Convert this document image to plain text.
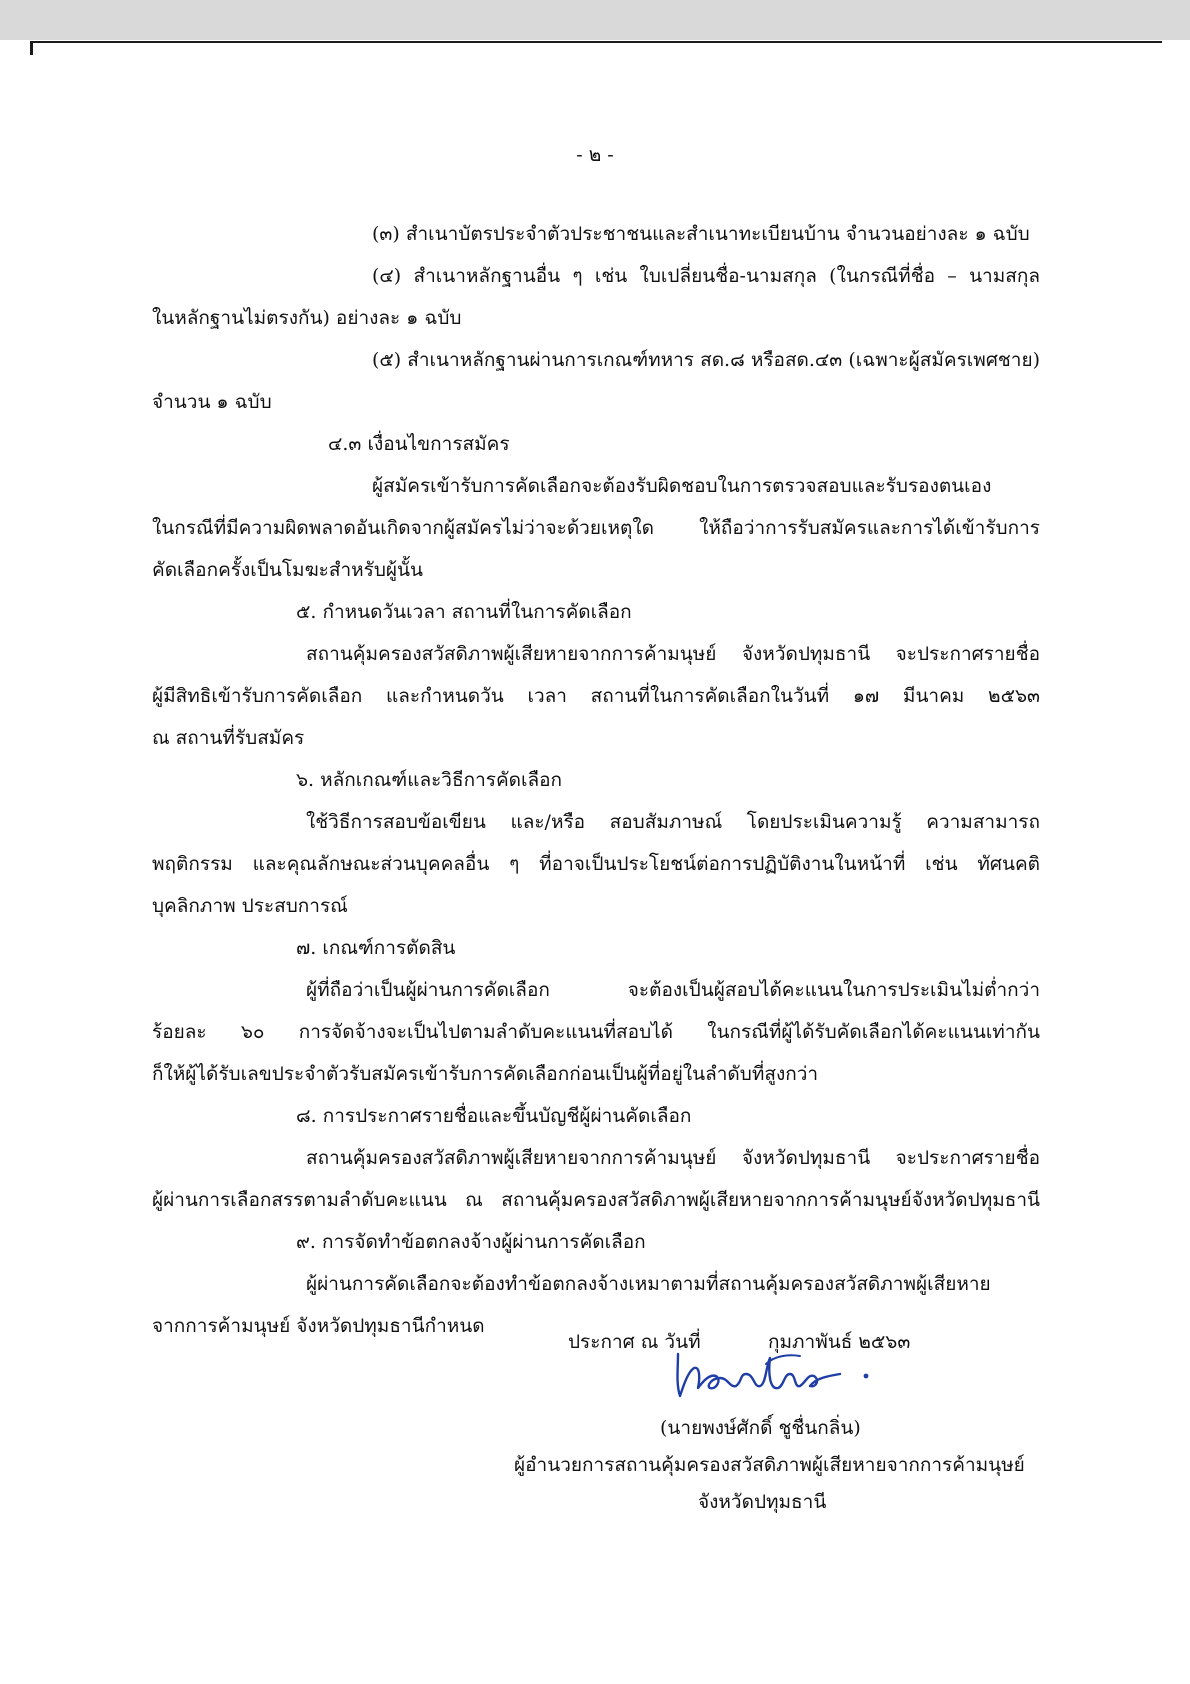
- ๒ -
(๓) สำเนาบัตรประจำตัวประชาชนและสำเนาทะเบียนบ้าน จำนวนอย่างละ ๑ ฉบับ
(๔) สำเนาหลักฐานอื่น ๆ เช่น ใบเปลี่ยนชื่อ-นามสกุล (ในกรณีที่ชื่อ – นามสกุล
ในหลักฐานไม่ตรงกัน) อย่างละ ๑ ฉบับ
(๕) สำเนาหลักฐานผ่านการเกณฑ์ทหาร สด.๘ หรือสด.๔๓ (เฉพาะผู้สมัครเพศชาย)
จำนวน ๑ ฉบับ
๔.๓ เงื่อนไขการสมัคร
ผู้สมัครเข้ารับการคัดเลือกจะต้องรับผิดชอบในการตรวจสอบและรับรองตนเอง
ในกรณีที่มีความผิดพลาดอันเกิดจากผู้สมัครไม่ว่าจะด้วยเหตุใด ให้ถือว่าการรับสมัครและการได้เข้ารับการ
คัดเลือกครั้งเป็นโมฆะสำหรับผู้นั้น
๕. กำหนดวันเวลา สถานที่ในการคัดเลือก
สถานคุ้มครองสวัสดิภาพผู้เสียหายจากการค้ามนุษย์ จังหวัดปทุมธานี จะประกาศรายชื่อ
ผู้มีสิทธิเข้ารับการคัดเลือก และกำหนดวัน เวลา สถานที่ในการคัดเลือกในวันที่ ๑๗ มีนาคม ๒๕๖๓
ณ สถานที่รับสมัคร
๖. หลักเกณฑ์และวิธีการคัดเลือก
ใช้วิธีการสอบข้อเขียน และ/หรือ สอบสัมภาษณ์ โดยประเมินความรู้ ความสามารถ
พฤติกรรม และคุณลักษณะส่วนบุคคลอื่น ๆ ที่อาจเป็นประโยชน์ต่อการปฏิบัติงานในหน้าที่ เช่น ทัศนคติ
บุคลิกภาพ ประสบการณ์
๗. เกณฑ์การตัดสิน
ผู้ที่ถือว่าเป็นผู้ผ่านการคัดเลือก จะต้องเป็นผู้สอบได้คะแนนในการประเมินไม่ต่ำกว่า
ร้อยละ ๖๐ การจัดจ้างจะเป็นไปตามลำดับคะแนนที่สอบได้ ในกรณีที่ผู้ได้รับคัดเลือกได้คะแนนเท่ากัน
ก็ให้ผู้ได้รับเลขประจำตัวรับสมัครเข้ารับการคัดเลือกก่อนเป็นผู้ที่อยู่ในลำดับที่สูงกว่า
๘. การประกาศรายชื่อและขึ้นบัญชีผู้ผ่านคัดเลือก
สถานคุ้มครองสวัสดิภาพผู้เสียหายจากการค้ามนุษย์ จังหวัดปทุมธานี จะประกาศรายชื่อ
ผู้ผ่านการเลือกสรรตามลำดับคะแนน ณ สถานคุ้มครองสวัสดิภาพผู้เสียหายจากการค้ามนุษย์จังหวัดปทุมธานี
๙. การจัดทำข้อตกลงจ้างผู้ผ่านการคัดเลือก
ผู้ผ่านการคัดเลือกจะต้องทำข้อตกลงจ้างเหมาตามที่สถานคุ้มครองสวัสดิภาพผู้เสียหาย
จากการค้ามนุษย์ จังหวัดปทุมธานีกำหนด
ประกาศ ณ วันที่	กุมภาพันธ์ ๒๕๖๓
(นายพงษ์ศักดิ์ ชูชื่นกลิ่น)
ผู้อำนวยการสถานคุ้มครองสวัสดิภาพผู้เสียหายจากการค้ามนุษย์
จังหวัดปทุมธานี
